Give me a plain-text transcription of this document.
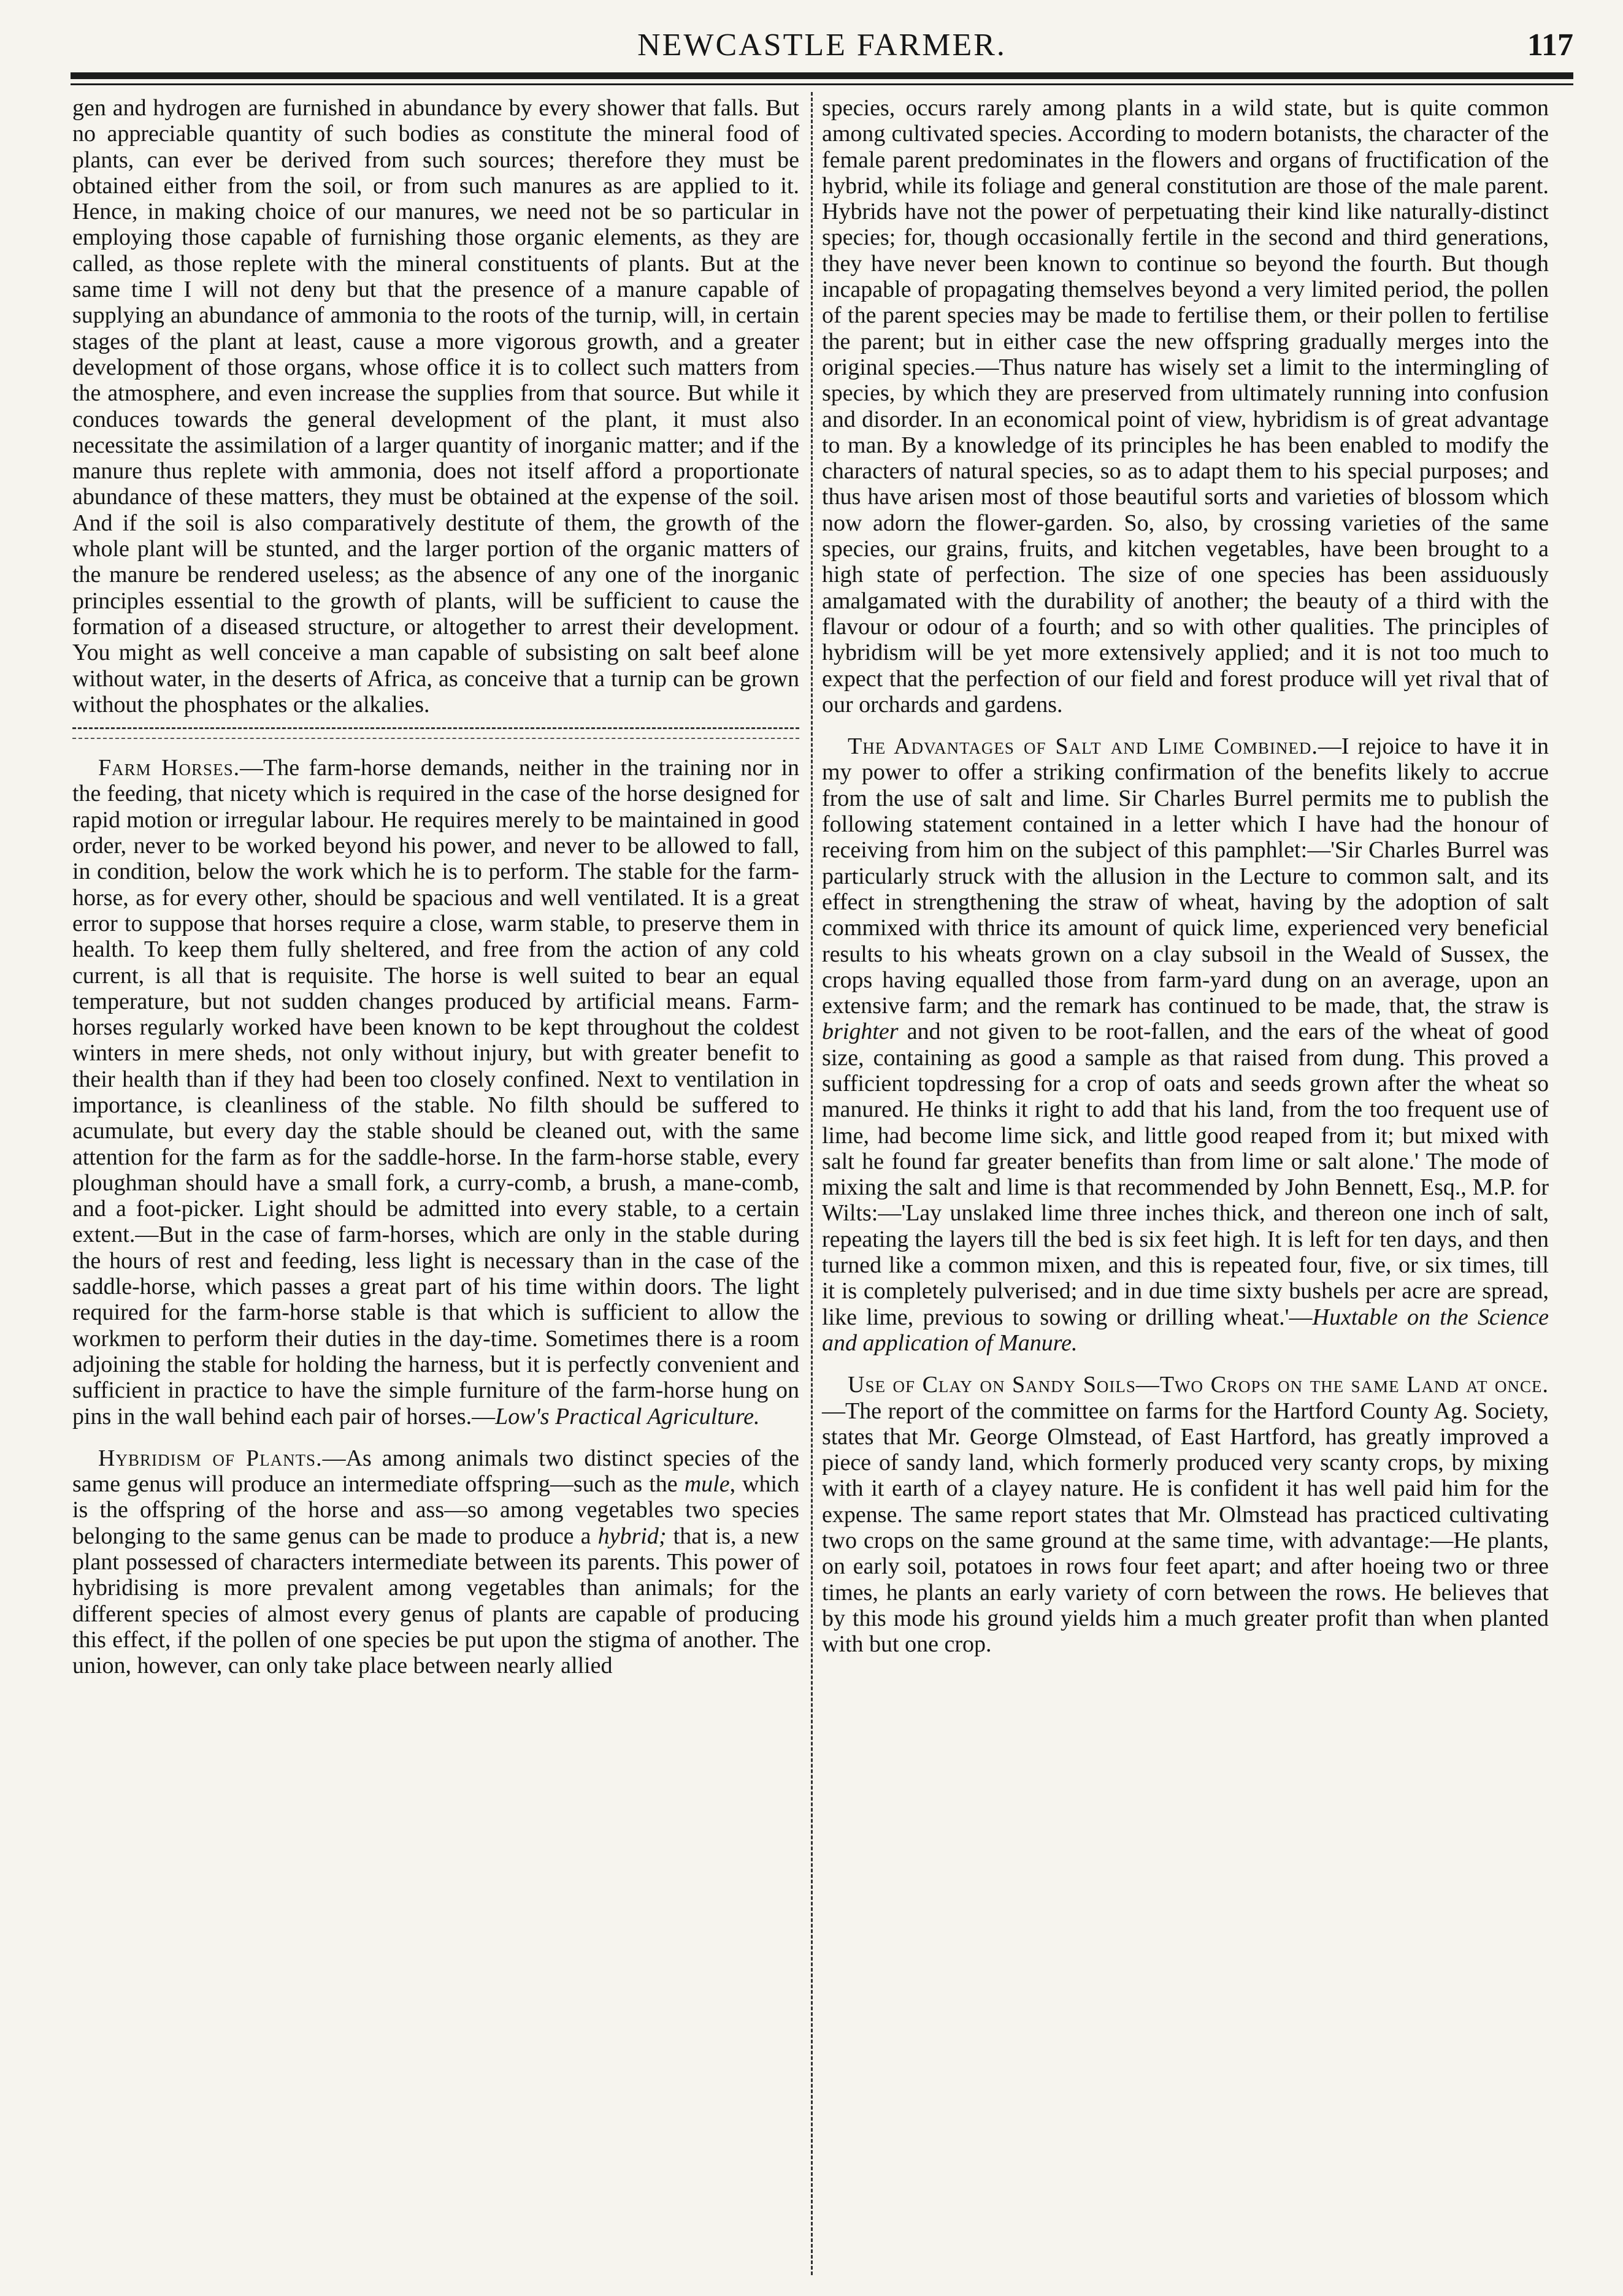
NEWCASTLE FARMER.	117

gen and hydrogen are furnished in abundance by every shower that falls. But no appreciable quantity of such bodies as constitute the mineral food of plants, can ever be derived from such sources; therefore they must be obtained either from the soil, or from such manures as are applied to it. Hence, in making choice of our manures, we need not be so particular in employing those capable of furnishing those organic elements, as they are called, as those replete with the mineral constituents of plants. But at the same time I will not deny but that the presence of a manure capable of supplying an abundance of ammonia to the roots of the turnip, will, in certain stages of the plant at least, cause a more vigorous growth, and a greater development of those organs, whose office it is to collect such matters from the atmosphere, and even increase the supplies from that source. But while it conduces towards the general development of the plant, it must also necessitate the assimilation of a larger quantity of inorganic matter; and if the manure thus replete with ammonia, does not itself afford a proportionate abundance of these matters, they must be obtained at the expense of the soil. And if the soil is also comparatively destitute of them, the growth of the whole plant will be stunted, and the larger portion of the organic matters of the manure be rendered useless; as the absence of any one of the inorganic principles essential to the growth of plants, will be sufficient to cause the formation of a diseased structure, or altogether to arrest their development. You might as well conceive a man capable of subsisting on salt beef alone without water, in the deserts of Africa, as conceive that a turnip can be grown without the phosphates or the alkalies.

Farm Horses.—The farm-horse demands, neither in the training nor in the feeding, that nicety which is required in the case of the horse designed for rapid motion or irregular labour. He requires merely to be maintained in good order, never to be worked beyond his power, and never to be allowed to fall, in condition, below the work which he is to perform. The stable for the farm-horse, as for every other, should be spacious and well ventilated. It is a great error to suppose that horses require a close, warm stable, to preserve them in health. To keep them fully sheltered, and free from the action of any cold current, is all that is requisite. The horse is well suited to bear an equal temperature, but not sudden changes produced by artificial means. Farm-horses regularly worked have been known to be kept throughout the coldest winters in mere sheds, not only without injury, but with greater benefit to their health than if they had been too closely confined. Next to ventilation in importance, is cleanliness of the stable. No filth should be suffered to acumulate, but every day the stable should be cleaned out, with the same attention for the farm as for the saddle-horse. In the farm-horse stable, every ploughman should have a small fork, a curry-comb, a brush, a mane-comb, and a foot-picker. Light should be admitted into every stable, to a certain extent.—But in the case of farm-horses, which are only in the stable during the hours of rest and feeding, less light is necessary than in the case of the saddle-horse, which passes a great part of his time within doors. The light required for the farm-horse stable is that which is sufficient to allow the workmen to perform their duties in the day-time. Sometimes there is a room adjoining the stable for holding the harness, but it is perfectly convenient and sufficient in practice to have the simple furniture of the farm-horse hung on pins in the wall behind each pair of horses.—Low's Practical Agriculture.

Hybridism of Plants.—As among animals two distinct species of the same genus will produce an intermediate offspring—such as the mule, which is the offspring of the horse and ass—so among vegetables two species belonging to the same genus can be made to produce a hybrid; that is, a new plant possessed of characters intermediate between its parents. This power of hybridising is more prevalent among vegetables than animals; for the different species of almost every genus of plants are capable of producing this effect, if the pollen of one species be put upon the stigma of another. The union, however, can only take place between nearly allied

species, occurs rarely among plants in a wild state, but is quite common among cultivated species. According to modern botanists, the character of the female parent predominates in the flowers and organs of fructification of the hybrid, while its foliage and general constitution are those of the male parent. Hybrids have not the power of perpetuating their kind like naturally-distinct species; for, though occasionally fertile in the second and third generations, they have never been known to continue so beyond the fourth. But though incapable of propagating themselves beyond a very limited period, the pollen of the parent species may be made to fertilise them, or their pollen to fertilise the parent; but in either case the new offspring gradually merges into the original species.—Thus nature has wisely set a limit to the intermingling of species, by which they are preserved from ultimately running into confusion and disorder. In an economical point of view, hybridism is of great advantage to man. By a knowledge of its principles he has been enabled to modify the characters of natural species, so as to adapt them to his special purposes; and thus have arisen most of those beautiful sorts and varieties of blossom which now adorn the flower-garden. So, also, by crossing varieties of the same species, our grains, fruits, and kitchen vegetables, have been brought to a high state of perfection. The size of one species has been assiduously amalgamated with the durability of another; the beauty of a third with the flavour or odour of a fourth; and so with other qualities. The principles of hybridism will be yet more extensively applied; and it is not too much to expect that the perfection of our field and forest produce will yet rival that of our orchards and gardens.

The Advantages of Salt and Lime Combined.—I rejoice to have it in my power to offer a striking confirmation of the benefits likely to accrue from the use of salt and lime. Sir Charles Burrel permits me to publish the following statement contained in a letter which I have had the honour of receiving from him on the subject of this pamphlet:—'Sir Charles Burrel was particularly struck with the allusion in the Lecture to common salt, and its effect in strengthening the straw of wheat, having by the adoption of salt commixed with thrice its amount of quick lime, experienced very beneficial results to his wheats grown on a clay subsoil in the Weald of Sussex, the crops having equalled those from farm-yard dung on an average, upon an extensive farm; and the remark has continued to be made, that, the straw is brighter and not given to be root-fallen, and the ears of the wheat of good size, containing as good a sample as that raised from dung. This proved a sufficient topdressing for a crop of oats and seeds grown after the wheat so manured. He thinks it right to add that his land, from the too frequent use of lime, had become lime sick, and little good reaped from it; but mixed with salt he found far greater benefits than from lime or salt alone.' The mode of mixing the salt and lime is that recommended by John Bennett, Esq., M.P. for Wilts:—'Lay unslaked lime three inches thick, and thereon one inch of salt, repeating the layers till the bed is six feet high. It is left for ten days, and then turned like a common mixen, and this is repeated four, five, or six times, till it is completely pulverised; and in due time sixty bushels per acre are spread, like lime, previous to sowing or drilling wheat.'—Huxtable on the Science and application of Manure.

Use of Clay on Sandy Soils—Two Crops on the same Land at once.—The report of the committee on farms for the Hartford County Ag. Society, states that Mr. George Olmstead, of East Hartford, has greatly improved a piece of sandy land, which formerly produced very scanty crops, by mixing with it earth of a clayey nature. He is confident it has well paid him for the expense. The same report states that Mr. Olmstead has practiced cultivating two crops on the same ground at the same time, with advantage:—He plants, on early soil, potatoes in rows four feet apart; and after hoeing two or three times, he plants an early variety of corn between the rows. He believes that by this mode his ground yields him a much greater profit than when planted with but one crop.
